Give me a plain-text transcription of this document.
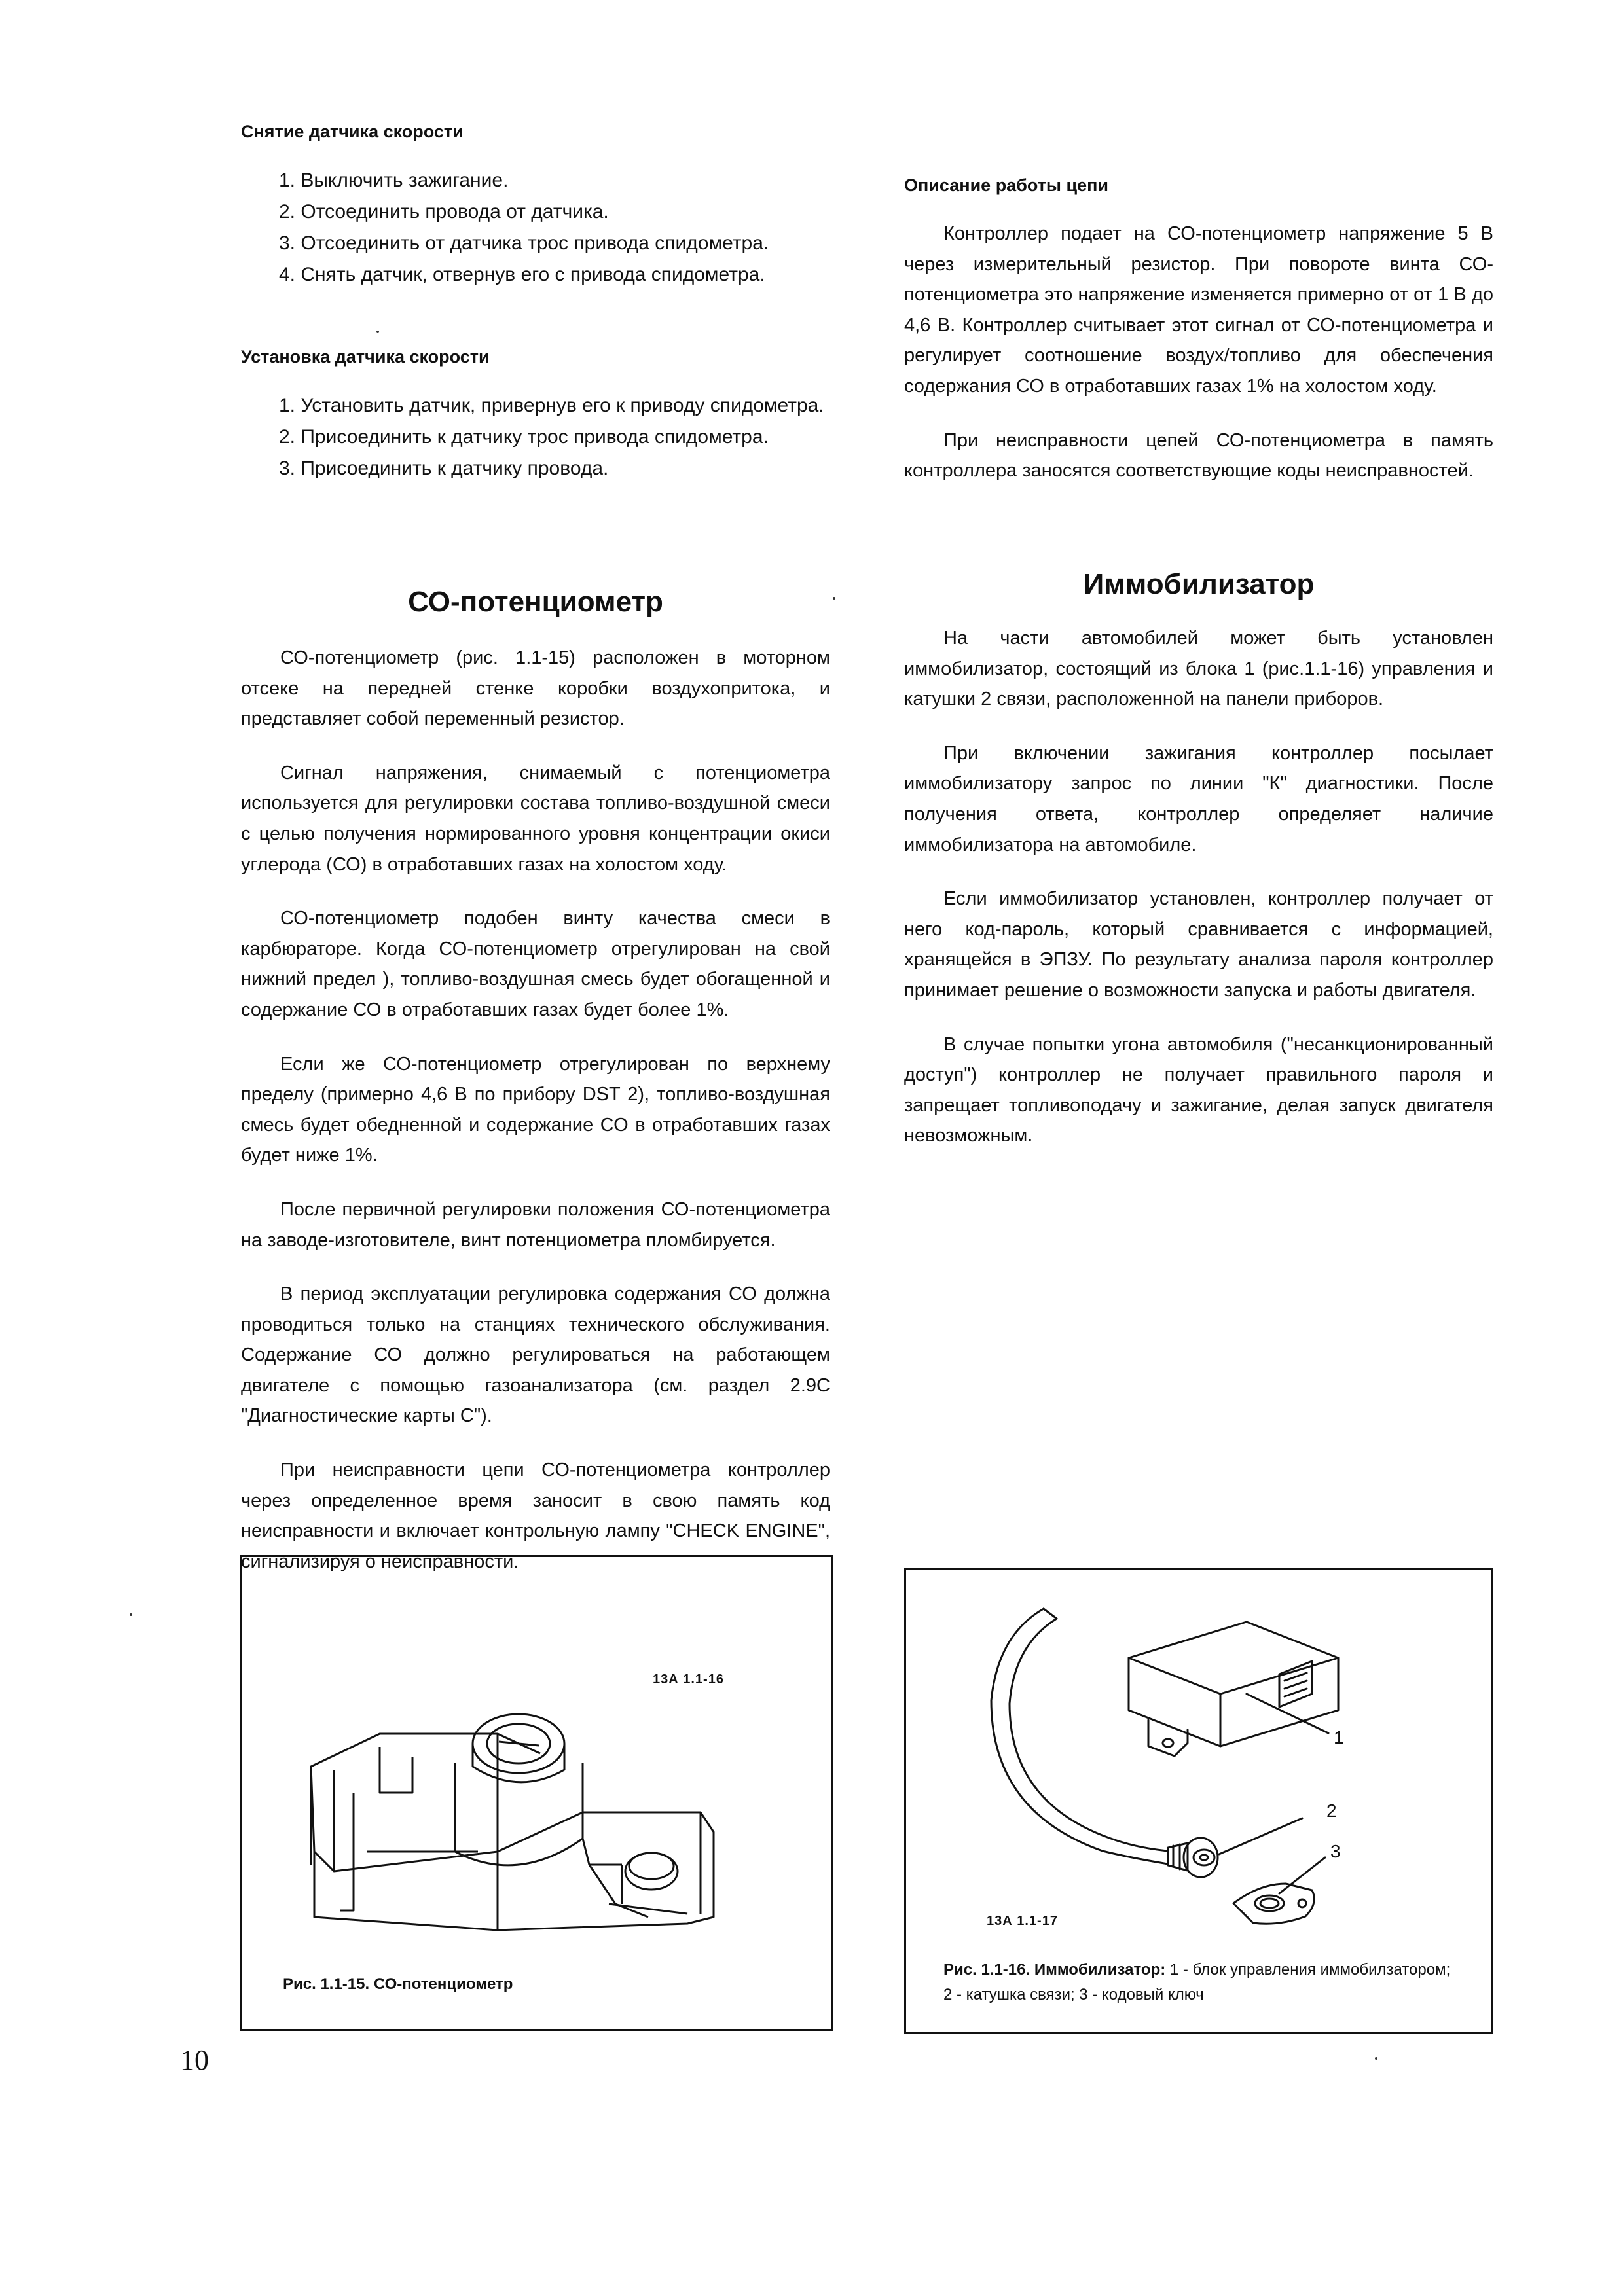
Снятие датчика скорости
1. Выключить зажигание.
2. Отсоединить провода от датчика.
3. Отсоединить от датчика трос привода спидометра.
4. Снять датчик, отвернув его с привода спидометра.
Установка датчика скорости
1. Установить датчик, привернув его к приводу спидометра.
2. Присоединить к датчику трос привода спидометра.
3. Присоединить к датчику провода.
Описание работы цепи

Контроллер подает на СО-потенциометр напряжение 5 В через измерительный резистор. При повороте винта СО-потенциометра это напряжение изменяется примерно от от 1 В до 4,6 В. Контроллер считывает этот сигнал от СО-потенциометра и регулирует соотношение воздух/топливо для обеспечения содержания СО в отработавших газах 1% на холостом ходу.

При неисправности цепей СО-потенциометра в память контроллера заносятся соответствующие коды неисправностей.

СО-потенциометр

СО-потенциометр (рис. 1.1-15) расположен в моторном отсеке на передней стенке коробки воздухопритока, и представляет собой переменный резистор.

Сигнал напряжения, снимаемый с потенциометра используется для регулировки состава топливо-воздушной смеси с целью получения нормированного уровня концентрации окиси углерода (СО) в отработавших газах на холостом ходу.

СО-потенциометр подобен винту качества смеси в карбюраторе. Когда СО-потенциометр отрегулирован на свой нижний предел ), топливо-воздушная смесь будет обогащенной и содержание СО в отработавших газах будет более 1%.

Если же СО-потенциометр отрегулирован по верхнему пределу (примерно 4,6 В по прибору DST 2), топливо-воздушная смесь будет обедненной и содержание СО в отработавших газах будет ниже 1%.

После первичной регулировки положения СО-потенциометра на заводе-изготовителе, винт потенциометра пломбируется.

В период эксплуатации регулировка содержания СО должна проводиться только на станциях технического обслуживания. Содержание СО должно регулироваться на работающем двигателе с помощью газоанализатора (см. раздел 2.9С "Диагностические карты С").

При неисправности цепи СО-потенциометра контроллер через определенное время заносит в свою память код неисправности и включает контрольную лампу "CHECK ENGINE", сигнализируя о неисправности.

Иммобилизатор

На части автомобилей может быть установлен иммобилизатор, состоящий из блока 1 (рис.1.1-16) управления и катушки 2 связи, расположенной на панели приборов.

При включении зажигания контроллер посылает иммобилизатору запрос по линии "К" диагностики. После получения ответа, контроллер определяет наличие иммобилизатора на автомобиле.

Если иммобилизатор установлен, контроллер получает от него код-пароль, который сравнивается с информацией, хранящейся в ЭПЗУ. По результату анализа пароля контроллер принимает решение о возможности запуска и работы двигателя.

В случае попытки угона автомобиля ("несанкционированный доступ") контроллер не получает правильного пароля и запрещает топливоподачу и зажигание, делая запуск двигателя невозможным.

13А 1.1-16
Рис. 1.1-15. СО-потенциометр
1
2
3
13А 1.1-17
Рис. 1.1-16. Иммобилизатор: 1 - блок управления иммобилзатором; 2 - катушка связи; 3 - кодовый ключ
10
